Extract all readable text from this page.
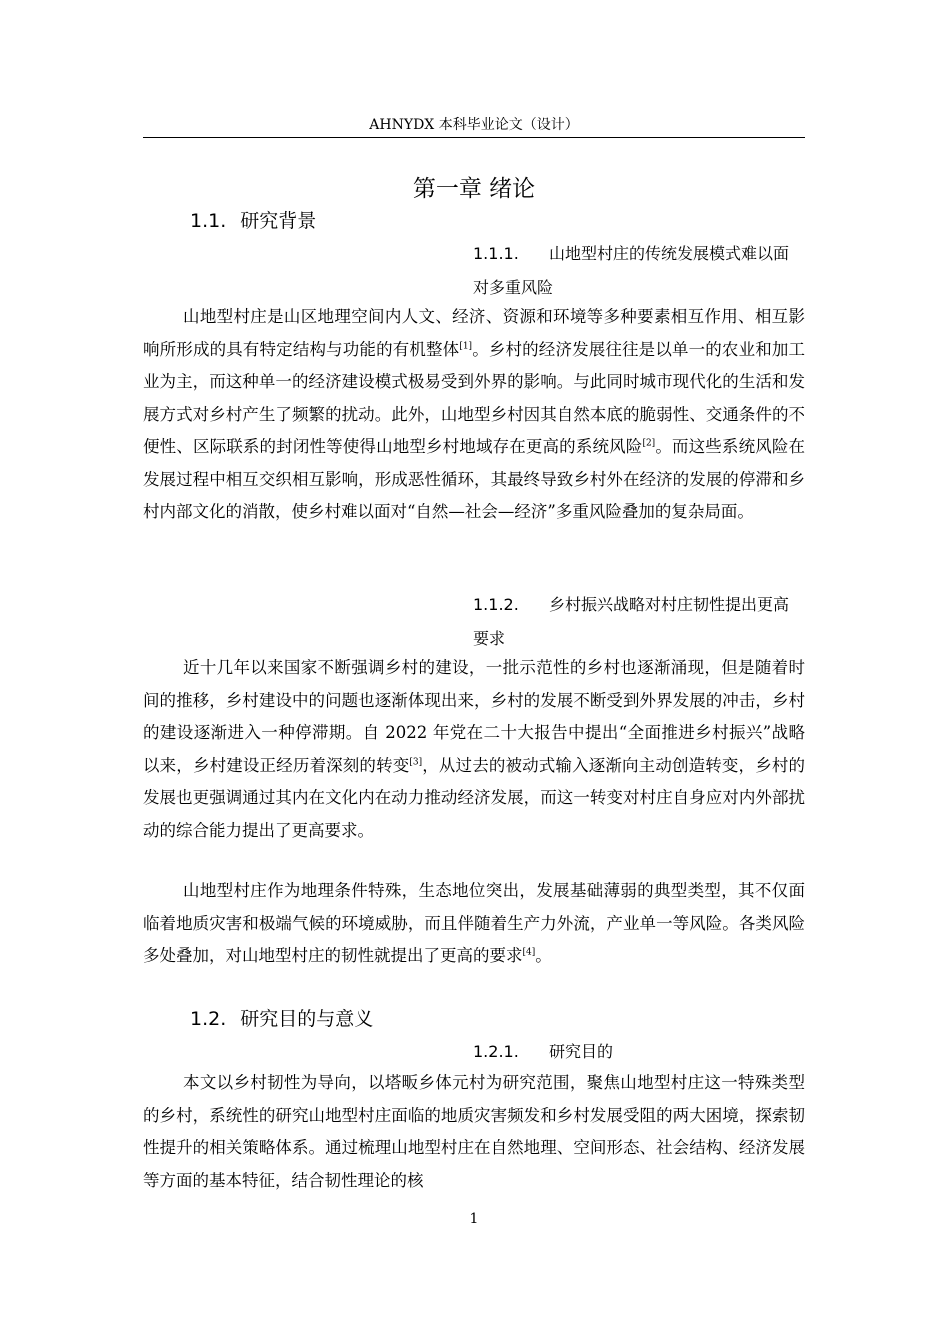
AHNYDX 本科毕业论文（设计）
第一章 绪论
1.1. 研究背景
1.1.1. 山地型村庄的传统发展模式难以面对多重风险
山地型村庄是山区地理空间内人文、经济、资源和环境等多种要素相互作用、相互影响所形成的具有特定结构与功能的有机整体[1]。乡村的经济发展往往是以单一的农业和加工业为主，而这种单一的经济建设模式极易受到外界的影响。与此同时城市现代化的生活和发展方式对乡村产生了频繁的扰动。此外，山地型乡村因其自然本底的脆弱性、交通条件的不便性、区际联系的封闭性等使得山地型乡村地域存在更高的系统风险[2]。而这些系统风险在发展过程中相互交织相互影响，形成恶性循环，其最终导致乡村外在经济的发展的停滞和乡村内部文化的消散，使乡村难以面对“自然—社会—经济”多重风险叠加的复杂局面。
1.1.2. 乡村振兴战略对村庄韧性提出更高要求
近十几年以来国家不断强调乡村的建设，一批示范性的乡村也逐渐涌现，但是随着时间的推移，乡村建设中的问题也逐渐体现出来，乡村的发展不断受到外界发展的冲击，乡村的建设逐渐进入一种停滞期。自 2022 年党在二十大报告中提出“全面推进乡村振兴”战略以来，乡村建设正经历着深刻的转变[3]，从过去的被动式输入逐渐向主动创造转变，乡村的发展也更强调通过其内在文化内在动力推动经济发展，而这一转变对村庄自身应对内外部扰动的综合能力提出了更高要求。
山地型村庄作为地理条件特殊，生态地位突出，发展基础薄弱的典型类型，其不仅面临着地质灾害和极端气候的环境威胁，而且伴随着生产力外流，产业单一等风险。各类风险多处叠加，对山地型村庄的韧性就提出了更高的要求[4]。
1.2. 研究目的与意义
1.2.1. 研究目的
本文以乡村韧性为导向，以塔畈乡体元村为研究范围，聚焦山地型村庄这一特殊类型的乡村，系统性的研究山地型村庄面临的地质灾害频发和乡村发展受阻的两大困境，探索韧性提升的相关策略体系。通过梳理山地型村庄在自然地理、空间形态、社会结构、经济发展等方面的基本特征，结合韧性理论的核
1
